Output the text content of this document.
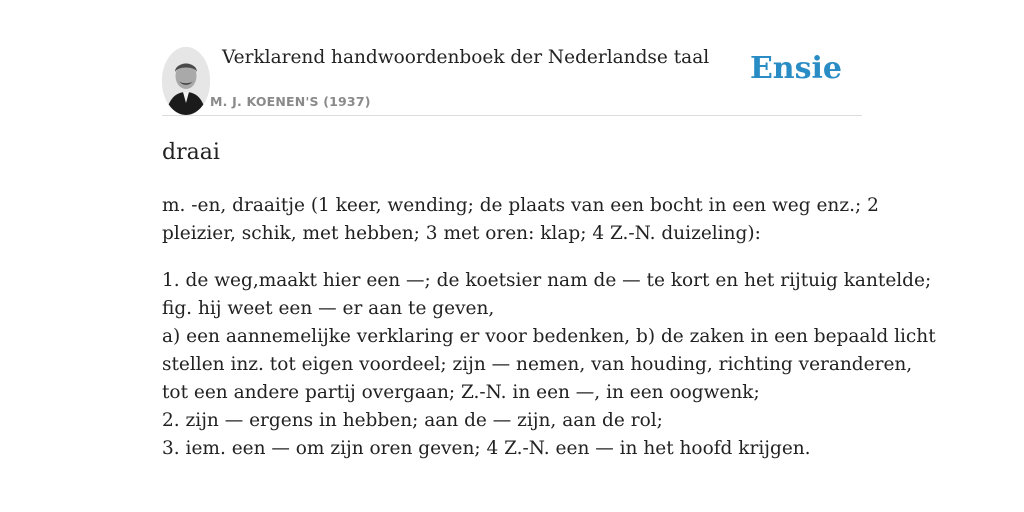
Verklarend handwoordenboek der Nederlandse taal
M. J. KOENEN'S (1937)
Ensie
draai

m. -en, draaitje (1 keer, wending; de plaats van een bocht in een weg enz.; 2
pleizier, schik, met hebben; 3 met oren: klap; 4 Z.-N. duizeling):

1. de weg,maakt hier een —; de koetsier nam de — te kort en het rijtuig kantelde;
fig. hij weet een — er aan te geven,
a) een aannemelijke verklaring er voor bedenken, b) de zaken in een bepaald licht
stellen inz. tot eigen voordeel; zijn — nemen, van houding, richting veranderen,
tot een andere partij overgaan; Z.-N. in een —, in een oogwenk;
2. zijn — ergens in hebben; aan de — zijn, aan de rol;
3. iem. een — om zijn oren geven; 4 Z.-N. een — in het hoofd krijgen.
